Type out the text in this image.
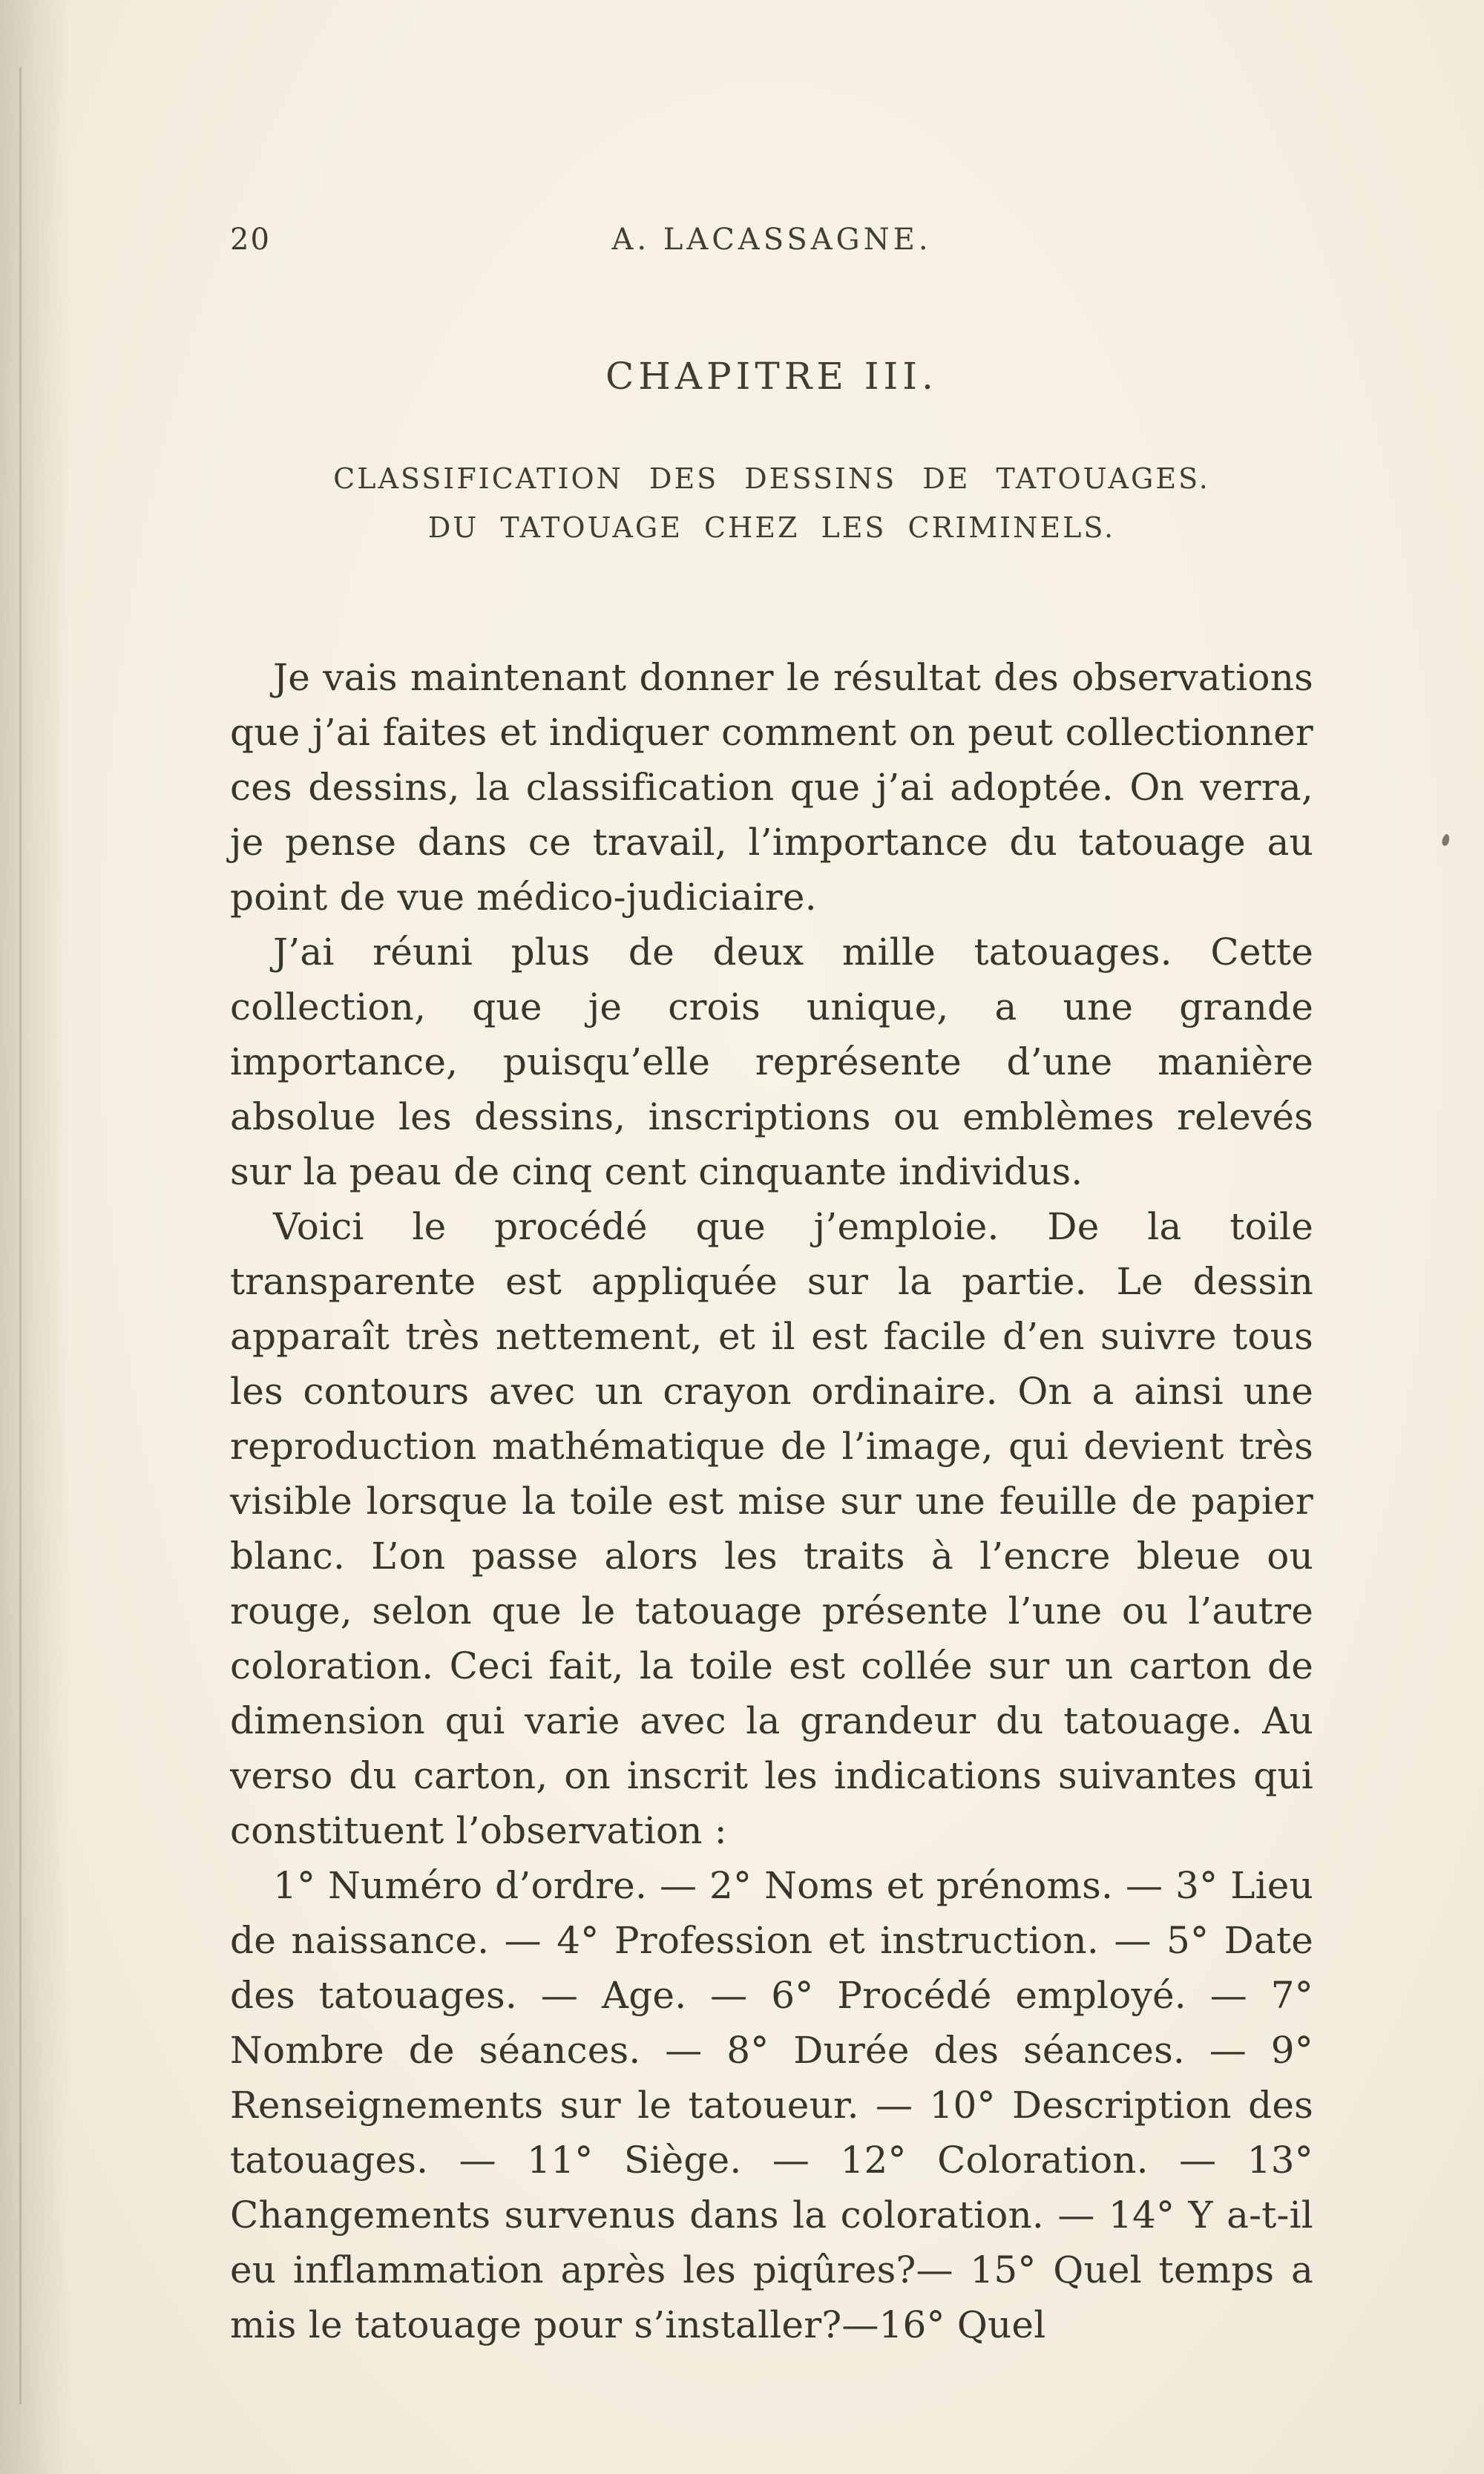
20	A. LACASSAGNE.
CHAPITRE III.
CLASSIFICATION DES DESSINS DE TATOUAGES.
DU TATOUAGE CHEZ LES CRIMINELS.

Je vais maintenant donner le résultat des observations que j’ai faites et indiquer comment on peut collectionner ces dessins, la classification que j’ai adoptée. On verra, je pense dans ce travail, l’importance du tatouage au point de vue médico-judiciaire.

J’ai réuni plus de deux mille tatouages. Cette collection, que je crois unique, a une grande importance, puisqu’elle représente d’une manière absolue les dessins, inscriptions ou emblèmes relevés sur la peau de cinq cent cinquante individus.

Voici le procédé que j’emploie. De la toile transparente est appliquée sur la partie. Le dessin apparaît très nettement, et il est facile d’en suivre tous les contours avec un crayon ordinaire. On a ainsi une reproduction mathématique de l’image, qui devient très visible lorsque la toile est mise sur une feuille de papier blanc. L’on passe alors les traits à l’encre bleue ou rouge, selon que le tatouage présente l’une ou l’autre coloration. Ceci fait, la toile est collée sur un carton de dimension qui varie avec la grandeur du tatouage. Au verso du carton, on inscrit les indications suivantes qui constituent l’observation :

1° Numéro d’ordre. — 2° Noms et prénoms. — 3° Lieu de naissance. — 4° Profession et instruction. — 5° Date des tatouages. — Age. — 6° Procédé employé. — 7° Nombre de séances. — 8° Durée des séances. — 9° Renseignements sur le tatoueur. — 10° Description des tatouages. — 11° Siège. — 12° Coloration. — 13° Changements survenus dans la coloration. — 14° Y a-t-il eu inflammation après les piqûres?— 15° Quel temps a mis le tatouage pour s’installer?—16° Quel
